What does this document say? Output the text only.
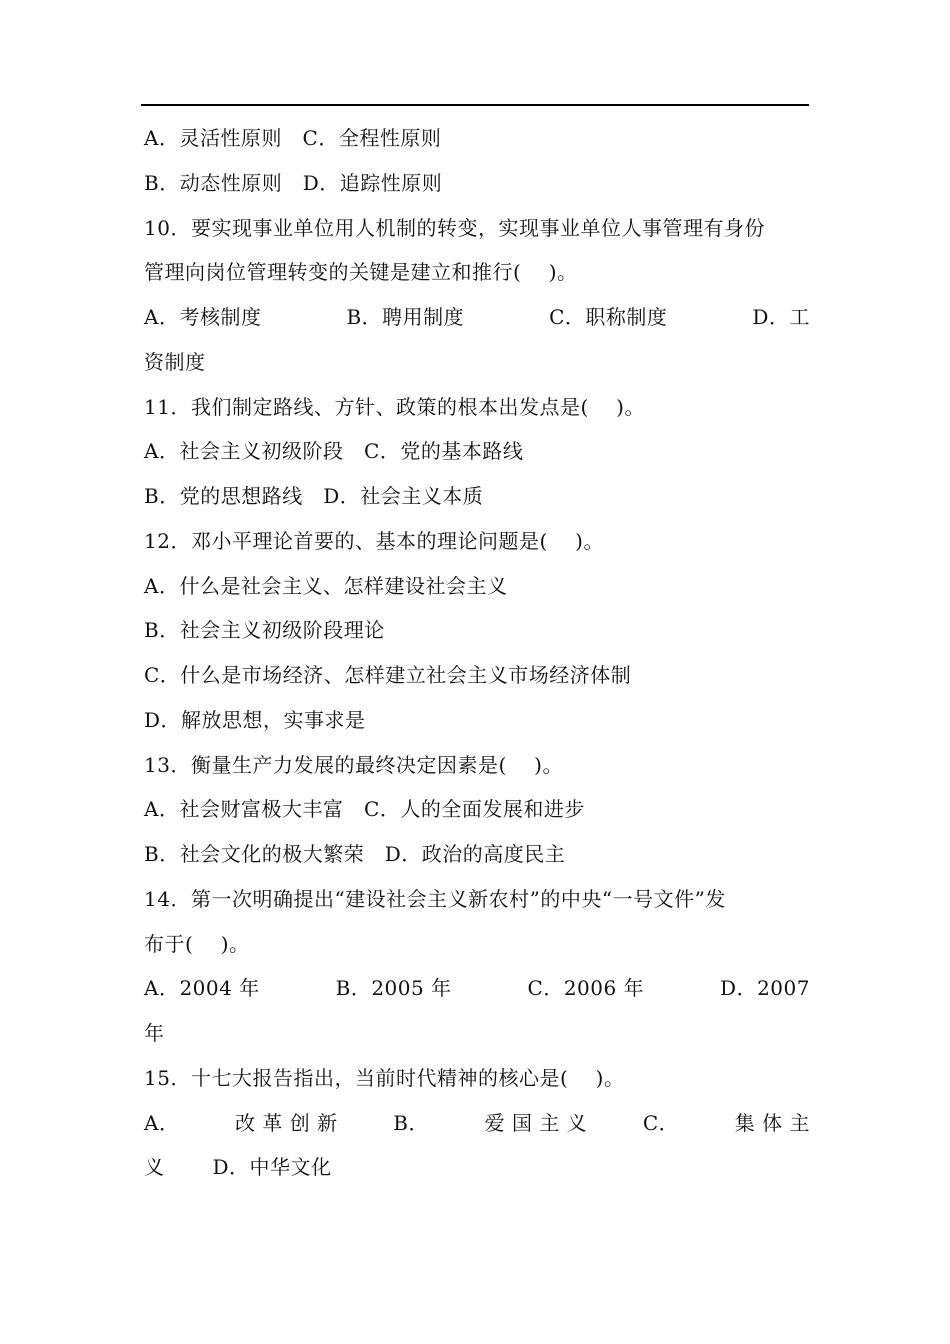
A．灵活性原则   C．全程性原则
B．动态性原则   D．追踪性原则
10．要实现事业单位用人机制的转变，实现事业单位人事管理有身份
管理向岗位管理转变的关键是建立和推行(    )。
A．考核制度	B．聘用制度	C．职称制度	D．工
资制度
11．我们制定路线、方针、政策的根本出发点是(    )。
A．社会主义初级阶段   C．党的基本路线
B．党的思想路线   D．社会主义本质
12．邓小平理论首要的、基本的理论问题是(    )。
A．什么是社会主义、怎样建设社会主义
B．社会主义初级阶段理论
C．什么是市场经济、怎样建立社会主义市场经济体制
D．解放思想，实事求是
13．衡量生产力发展的最终决定因素是(    )。
A．社会财富极大丰富   C．人的全面发展和进步
B．社会文化的极大繁荣   D．政治的高度民主
14．第一次明确提出“建设社会主义新农村”的中央“一号文件”发
布于(    )。
A．2004 年	B．2005 年	C．2006 年	D．2007
年
15．十七大报告指出，当前时代精神的核心是(    )。
A．	改 革 创 新	B．	爱 国 主 义	C．	集 体 主
义       D．中华文化
